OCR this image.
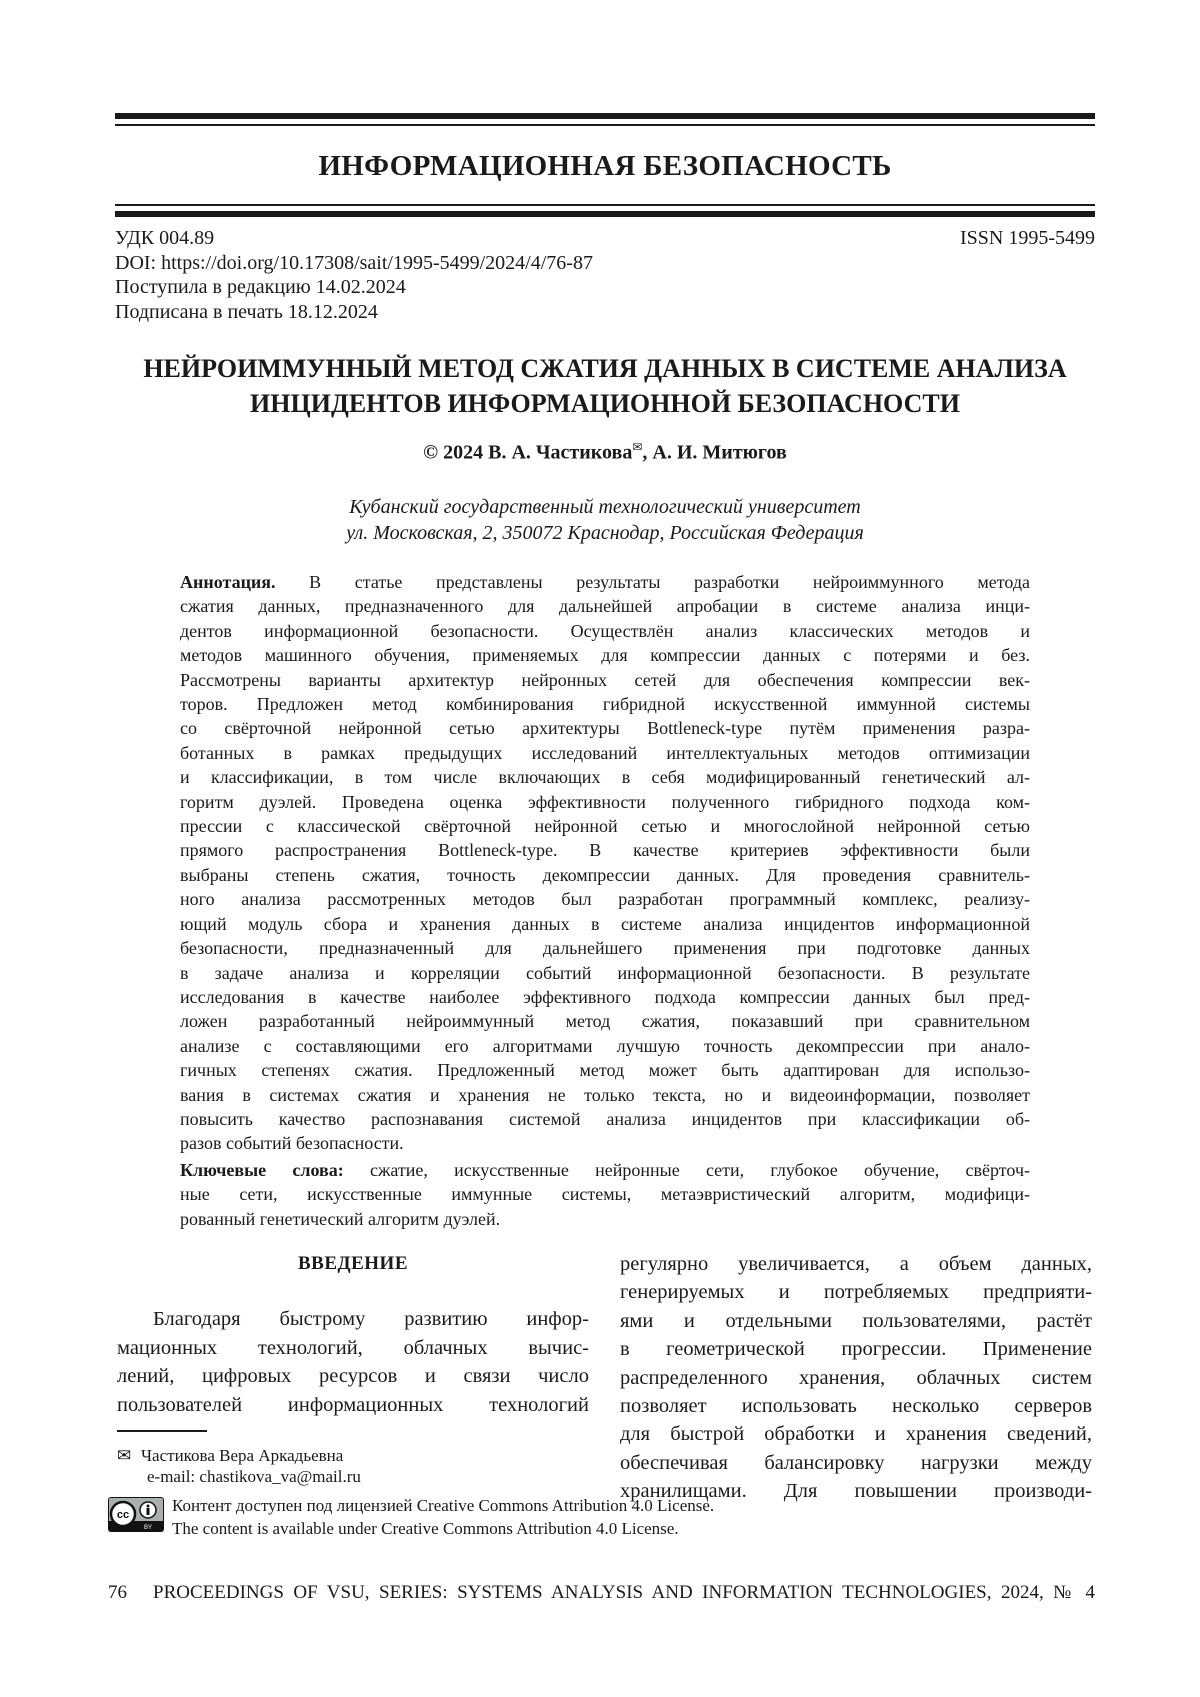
ИНФОРМАЦИОННАЯ БЕЗОПАСНОСТЬ
УДК 004.89
DOI: https://doi.org/10.17308/sait/1995-5499/2024/4/76-87
Поступила в редакцию 14.02.2024
Подписана в печать 18.12.2024
ISSN 1995-5499
НЕЙРОИММУННЫЙ МЕТОД СЖАТИЯ ДАННЫХ В СИСТЕМЕ АНАЛИЗА
ИНЦИДЕНТОВ ИНФОРМАЦИОННОЙ БЕЗОПАСНОСТИ
© 2024 В. А. Частикова✉, А. И. Митюгов
Кубанский государственный технологический университет
ул. Московская, 2, 350072 Краснодар, Российская Федерация
Аннотация. В статье представлены результаты разработки нейроиммунного метода
сжатия данных, предназначенного для дальнейшей апробации в системе анализа инци-
дентов информационной безопасности. Осуществлён анализ классических методов и
методов машинного обучения, применяемых для компрессии данных с потерями и без.
Рассмотрены варианты архитектур нейронных сетей для обеспечения компрессии век-
торов. Предложен метод комбинирования гибридной искусственной иммунной системы
со свёрточной нейронной сетью архитектуры Bottleneck-type путём применения разра-
ботанных в рамках предыдущих исследований интеллектуальных методов оптимизации
и классификации, в том числе включающих в себя модифицированный генетический ал-
горитм дуэлей. Проведена оценка эффективности полученного гибридного подхода ком-
прессии с классической свёрточной нейронной сетью и многослойной нейронной сетью
прямого распространения Bottleneck-type. В качестве критериев эффективности были
выбраны степень сжатия, точность декомпрессии данных. Для проведения сравнитель-
ного анализа рассмотренных методов был разработан программный комплекс, реализу-
ющий модуль сбора и хранения данных в системе анализа инцидентов информационной
безопасности, предназначенный для дальнейшего применения при подготовке данных
в задаче анализа и корреляции событий информационной безопасности. В результате
исследования в качестве наиболее эффективного подхода компрессии данных был пред-
ложен разработанный нейроиммунный метод сжатия, показавший при сравнительном
анализе с составляющими его алгоритмами лучшую точность декомпрессии при анало-
гичных степенях сжатия. Предложенный метод может быть адаптирован для использо-
вания в системах сжатия и хранения не только текста, но и видеоинформации, позволяет
повысить качество распознавания системой анализа инцидентов при классификации об-
разов событий безопасности.
Ключевые слова: сжатие, искусственные нейронные сети, глубокое обучение, свёрточ-
ные сети, искусственные иммунные системы, метаэвристический алгоритм, модифици-
рованный генетический алгоритм дуэлей.
ВВЕДЕНИЕ
Благодаря быстрому развитию инфор-
мационных технологий, облачных вычис-
лений, цифровых ресурсов и связи число
пользователей информационных технологий
регулярно увеличивается, а объем данных,
генерируемых и потребляемых предприяти-
ями и отдельными пользователями, растёт
в геометрической прогрессии. Применение
распределенного хранения, облачных систем
позволяет использовать несколько серверов
для быстрой обработки и хранения сведений,
обеспечивая балансировку нагрузки между
хранилищами. Для повышении производи-
✉ Частикова Вера Аркадьевна
e-mail: chastikova_va@mail.ru
cc
BY
Контент доступен под лицензией Creative Commons Attribution 4.0 License.
The content is available under Creative Commons Attribution 4.0 License.
76	PROCEEDINGS OF VSU, SERIES: SYSTEMS ANALYSIS AND INFORMATION TECHNOLOGIES, 2024, № 4
